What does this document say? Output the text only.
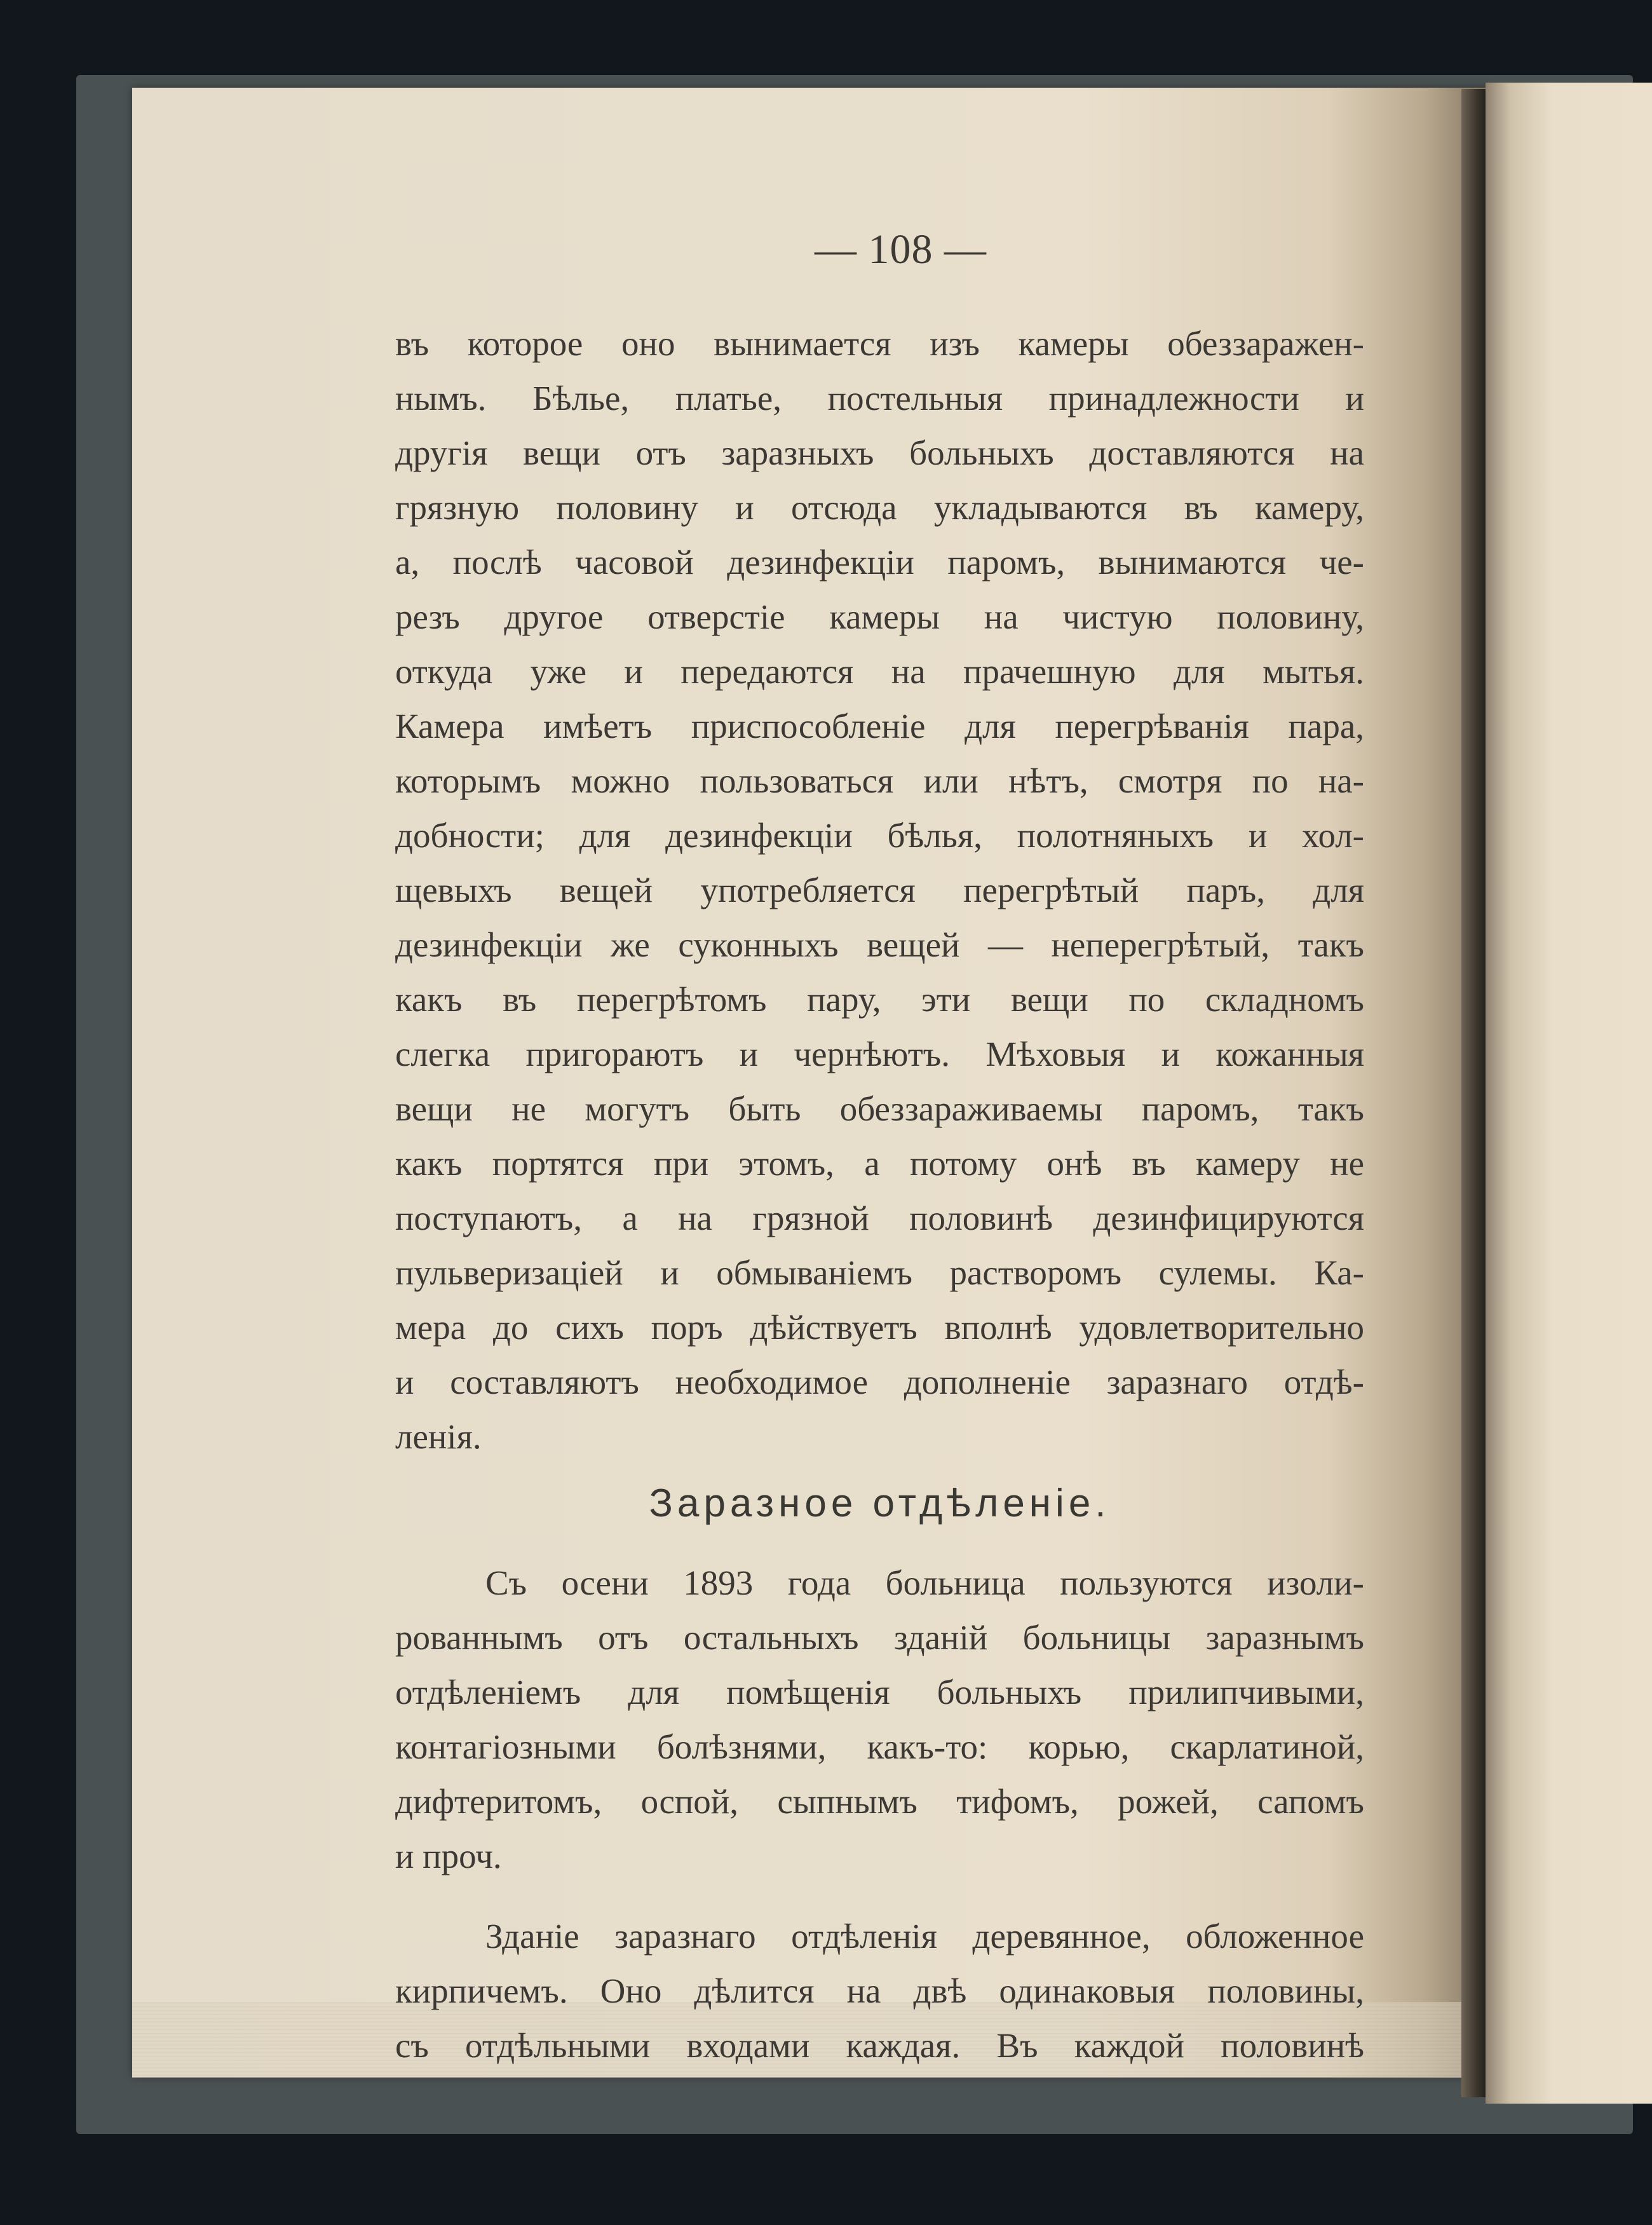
— 108 —
въ которое оно вынимается изъ камеры обеззаражен-
нымъ. Бѣлье, платье, постельныя принадлежности и
другія вещи отъ заразныхъ больныхъ доставляются на
грязную половину и отсюда укладываются въ камеру,
а, послѣ часовой дезинфекціи паромъ, вынимаются че-
резъ другое отверстіе камеры на чистую половину,
откуда уже и передаются на прачешную для мытья.
Камера имѣетъ приспособленіе для перегрѣванія пара,
которымъ можно пользоваться или нѣтъ, смотря по на-
добности; для дезинфекціи бѣлья, полотняныхъ и хол-
щевыхъ вещей употребляется перегрѣтый паръ, для
дезинфекціи же суконныхъ вещей — неперегрѣтый, такъ
какъ въ перегрѣтомъ пару, эти вещи по складномъ
слегка пригораютъ и чернѣютъ. Мѣховыя и кожанныя
вещи не могутъ быть обеззараживаемы паромъ, такъ
какъ портятся при этомъ, а потому онѣ въ камеру не
поступаютъ, а на грязной половинѣ дезинфицируются
пульверизаціей и обмываніемъ растворомъ сулемы. Ка-
мера до сихъ поръ дѣйствуетъ вполнѣ удовлетворительно
и составляютъ необходимое дополненіе заразнаго отдѣ-
ленія.
Заразное отдѣленіе.
Съ осени 1893 года больница пользуются изоли-
рованнымъ отъ остальныхъ зданій больницы заразнымъ
отдѣленіемъ для помѣщенія больныхъ прилипчивыми,
контагіозными болѣзнями, какъ-то: корью, скарлатиной,
дифтеритомъ, оспой, сыпнымъ тифомъ, рожей, сапомъ
и проч.
Зданіе заразнаго отдѣленія деревянное, обложенное
кирпичемъ. Оно дѣлится на двѣ одинаковыя половины,
съ отдѣльными входами каждая. Въ каждой половинѣ
